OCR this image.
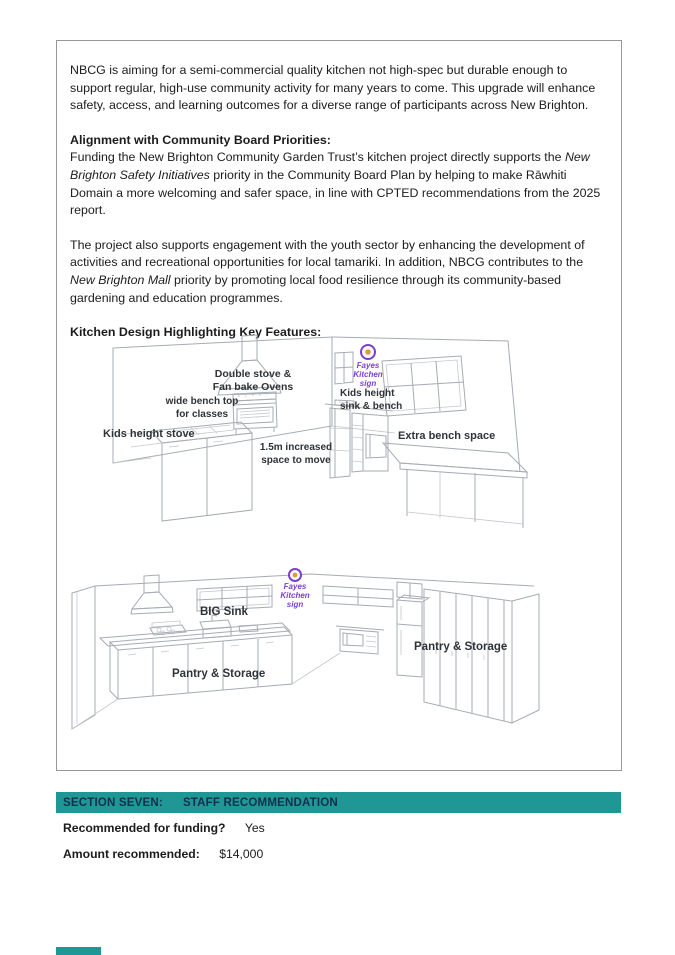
NBCG is aiming for a semi-commercial quality kitchen not high-spec but durable enough to support regular, high-use community activity for many years to come. This upgrade will enhance safety, access, and learning outcomes for a diverse range of participants across New Brighton.

Alignment with Community Board Priorities:

Funding the New Brighton Community Garden Trust’s kitchen project directly supports the New Brighton Safety Initiatives priority in the Community Board Plan by helping to make Rāwhiti Domain a more welcoming and safer space, in line with CPTED recommendations from the 2025 report.

The project also supports engagement with the youth sector by enhancing the development of activities and recreational opportunities for local tamariki. In addition, NBCG contributes to the New Brighton Mall priority by promoting local food resilience through its community-based gardening and education programmes.

Kitchen Design Highlighting Key Features:

Double stove &
Fan bake Ovens
wide bench top
for classes
Kids height stove
1.5m increased
space to move
Kids height
sink & bench
Extra bench space
Fayes
Kitchen
sign
BIG Sink
Pantry & Storage
Pantry & Storage
Fayes
Kitchen
sign
SECTION SEVEN: STAFF RECOMMENDATION
Recommended for funding? Yes
Amount recommended: $14,000
